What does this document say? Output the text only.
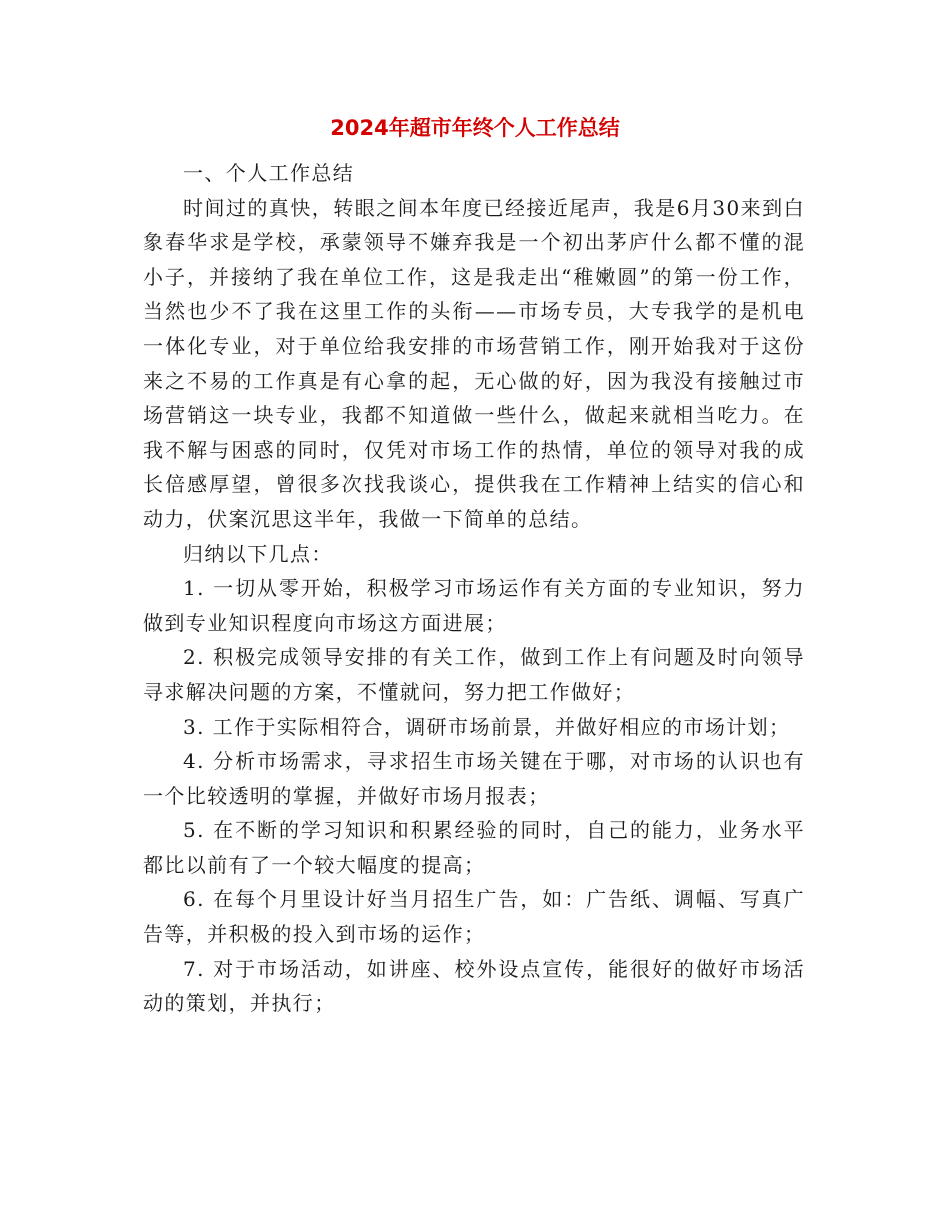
2024年超市年终个人工作总结

一、个人工作总结

时间过的真快，转眼之间本年度已经接近尾声，我是6月30来到白象春华求是学校，承蒙领导不嫌弃我是一个初出茅庐什么都不懂的混小子，并接纳了我在单位工作，这是我走出“稚嫩圆”的第一份工作，当然也少不了我在这里工作的头衔——市场专员，大专我学的是机电一体化专业，对于单位给我安排的市场营销工作，刚开始我对于这份来之不易的工作真是有心拿的起，无心做的好，因为我没有接触过市场营销这一块专业，我都不知道做一些什么，做起来就相当吃力。在我不解与困惑的同时，仅凭对市场工作的热情，单位的领导对我的成长倍感厚望，曾很多次找我谈心，提供我在工作精神上结实的信心和动力，伏案沉思这半年，我做一下简单的总结。

归纳以下几点：

1. 一切从零开始，积极学习市场运作有关方面的专业知识，努力做到专业知识程度向市场这方面进展；

2. 积极完成领导安排的有关工作，做到工作上有问题及时向领导寻求解决问题的方案，不懂就问，努力把工作做好；

3. 工作于实际相符合，调研市场前景，并做好相应的市场计划；

4. 分析市场需求，寻求招生市场关键在于哪，对市场的认识也有一个比较透明的掌握，并做好市场月报表；

5. 在不断的学习知识和积累经验的同时，自己的能力，业务水平都比以前有了一个较大幅度的提高；

6. 在每个月里设计好当月招生广告，如：广告纸、调幅、写真广告等，并积极的投入到市场的运作；

7. 对于市场活动，如讲座、校外设点宣传，能很好的做好市场活动的策划，并执行；
